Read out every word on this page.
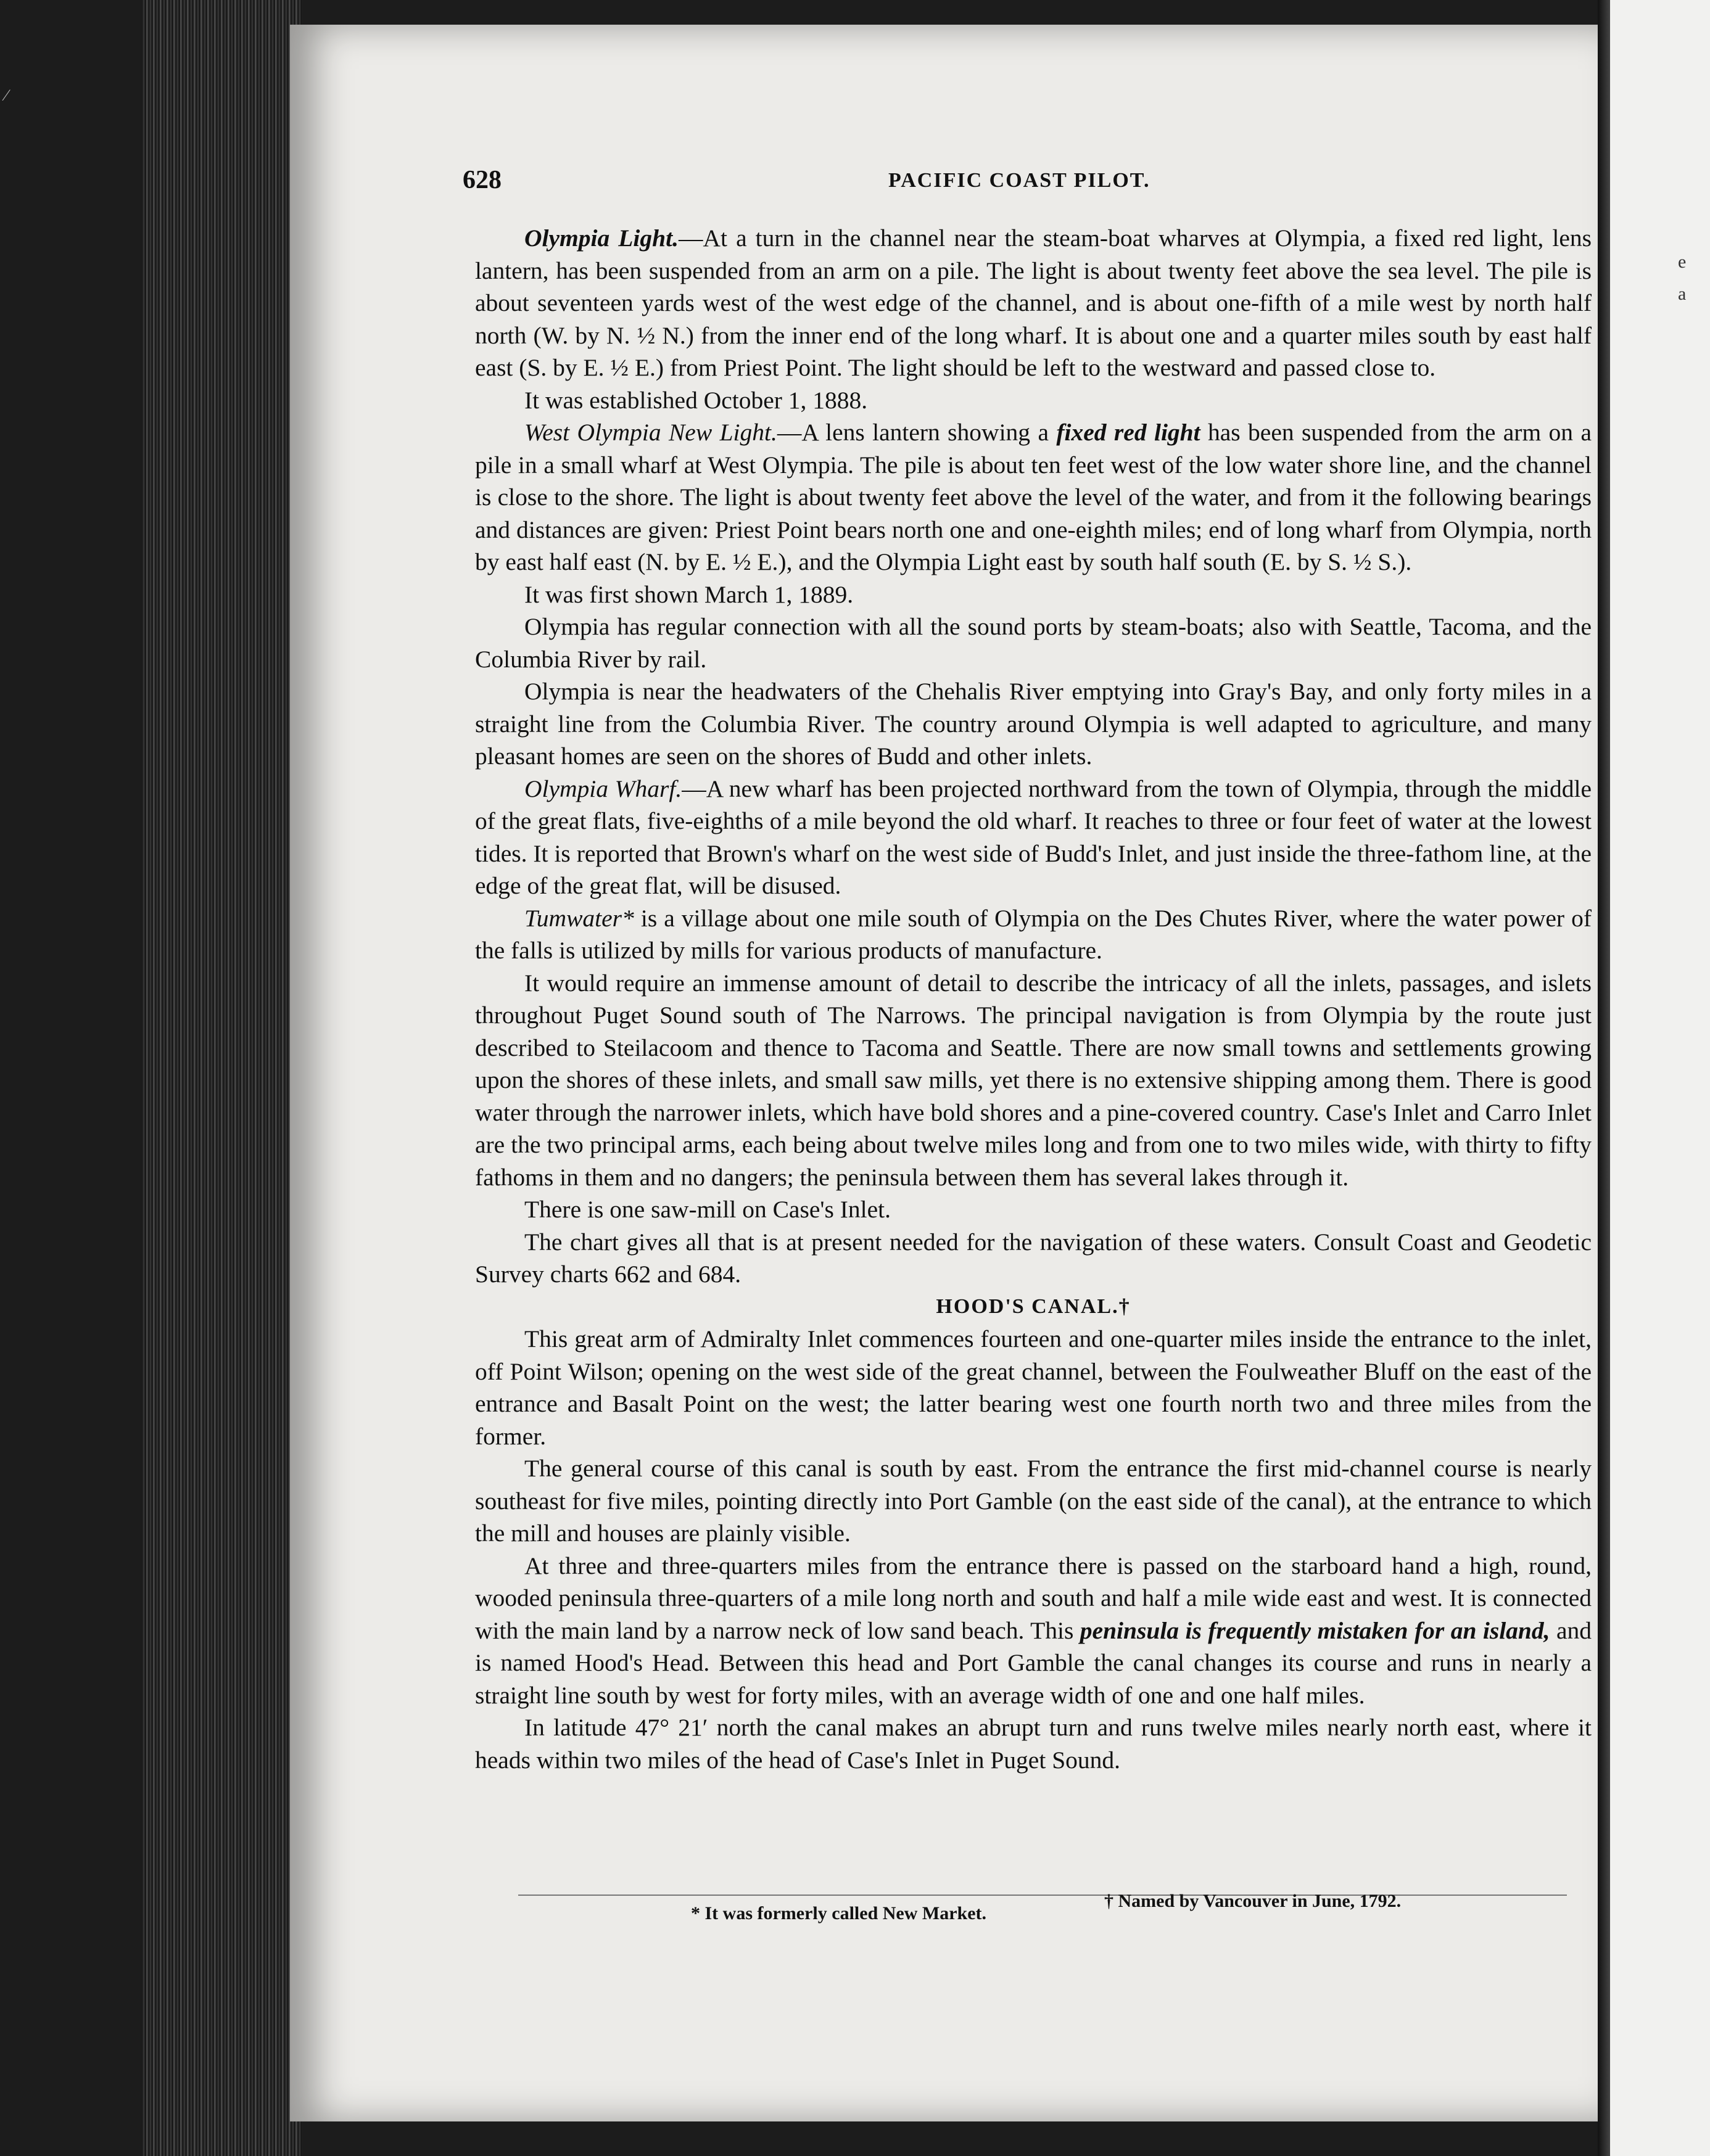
⁄
e
a
628	PACIFIC COAST PILOT.

Olympia Light.—At a turn in the channel near the steam-boat wharves at Olympia, a fixed red light, lens lantern, has been suspended from an arm on a pile. The light is about twenty feet above the sea level. The pile is about seventeen yards west of the west edge of the channel, and is about one-fifth of a mile west by north half north (W. by N. ½ N.) from the inner end of the long wharf. It is about one and a quarter miles south by east half east (S. by E. ½ E.) from Priest Point. The light should be left to the westward and passed close to.

It was established October 1, 1888.

West Olympia New Light.—A lens lantern showing a fixed red light has been suspended from the arm on a pile in a small wharf at West Olympia. The pile is about ten feet west of the low water shore line, and the channel is close to the shore. The light is about twenty feet above the level of the water, and from it the following bearings and distances are given: Priest Point bears north one and one-eighth miles; end of long wharf from Olympia, north by east half east (N. by E. ½ E.), and the Olympia Light east by south half south (E. by S. ½ S.).

It was first shown March 1, 1889.

Olympia has regular connection with all the sound ports by steam-boats; also with Seattle, Tacoma, and the Columbia River by rail.

Olympia is near the headwaters of the Chehalis River emptying into Gray's Bay, and only forty miles in a straight line from the Columbia River. The country around Olympia is well adapted to agriculture, and many pleasant homes are seen on the shores of Budd and other inlets.

Olympia Wharf.—A new wharf has been projected northward from the town of Olympia, through the middle of the great flats, five-eighths of a mile beyond the old wharf. It reaches to three or four feet of water at the lowest tides. It is reported that Brown's wharf on the west side of Budd's Inlet, and just inside the three-fathom line, at the edge of the great flat, will be disused.

Tumwater* is a village about one mile south of Olympia on the Des Chutes River, where the water power of the falls is utilized by mills for various products of manufacture.

It would require an immense amount of detail to describe the intricacy of all the inlets, passages, and islets throughout Puget Sound south of The Narrows. The principal navigation is from Olympia by the route just described to Steilacoom and thence to Tacoma and Seattle. There are now small towns and settlements growing upon the shores of these inlets, and small saw mills, yet there is no extensive shipping among them. There is good water through the narrower inlets, which have bold shores and a pine-covered country. Case's Inlet and Carro Inlet are the two principal arms, each being about twelve miles long and from one to two miles wide, with thirty to fifty fathoms in them and no dangers; the peninsula between them has several lakes through it.

There is one saw-mill on Case's Inlet.

The chart gives all that is at present needed for the navigation of these waters. Consult Coast and Geodetic Survey charts 662 and 684.

HOOD'S CANAL.†

This great arm of Admiralty Inlet commences fourteen and one-quarter miles inside the entrance to the inlet, off Point Wilson; opening on the west side of the great channel, between the Foulweather Bluff on the east of the entrance and Basalt Point on the west; the latter bearing west one fourth north two and three miles from the former.

The general course of this canal is south by east. From the entrance the first mid-channel course is nearly southeast for five miles, pointing directly into Port Gamble (on the east side of the canal), at the entrance to which the mill and houses are plainly visible.

At three and three-quarters miles from the entrance there is passed on the starboard hand a high, round, wooded peninsula three-quarters of a mile long north and south and half a mile wide east and west. It is connected with the main land by a narrow neck of low sand beach. This peninsula is frequently mistaken for an island, and is named Hood's Head. Between this head and Port Gamble the canal changes its course and runs in nearly a straight line south by west for forty miles, with an average width of one and one half miles.

In latitude 47° 21′ north the canal makes an abrupt turn and runs twelve miles nearly north east, where it heads within two miles of the head of Case's Inlet in Puget Sound.

* It was formerly called New Market.
† Named by Vancouver in June, 1792.
